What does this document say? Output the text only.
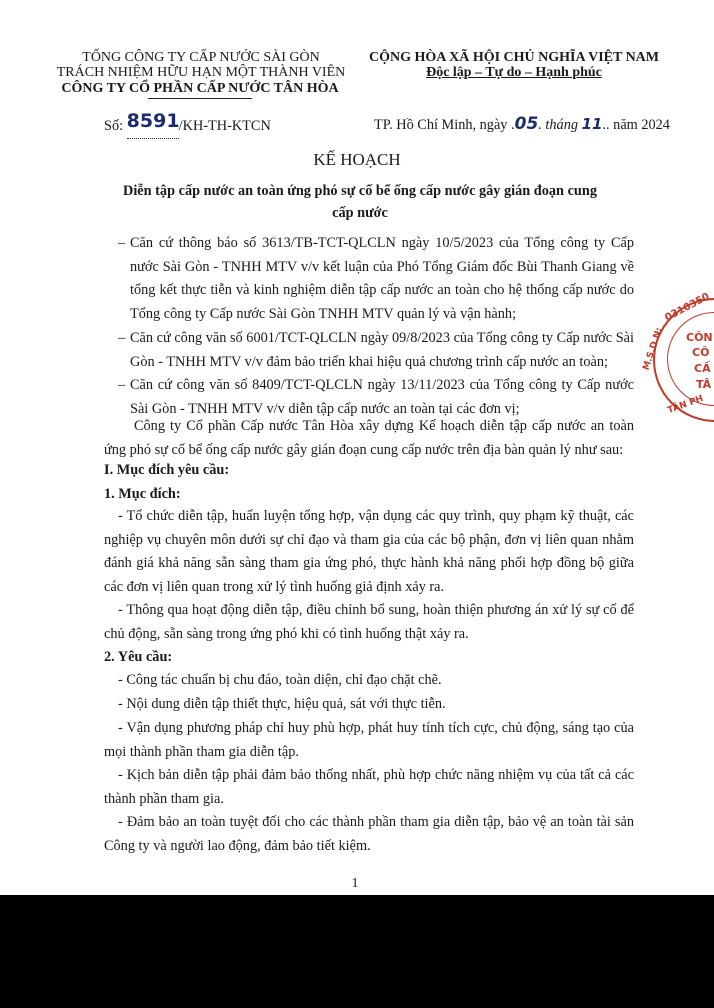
TỔNG CÔNG TY CẤP NƯỚC SÀI GÒN
TRÁCH NHIỆM HỮU HẠN MỘT THÀNH VIÊN
CÔNG TY CỔ PHẦN CẤP NƯỚC TÂN HÒA
CỘNG HÒA XÃ HỘI CHỦ NGHĨA VIỆT NAM
Độc lập – Tự do – Hạnh phúc
Số: 8591/KH-TH-KTCN	TP. Hồ Chí Minh, ngày .05. tháng 11.. năm 2024
KẾ HOẠCH
Diễn tập cấp nước an toàn ứng phó sự cố bể ống cấp nước gây gián đoạn cung
cấp nước
– Căn cứ thông báo số 3613/TB-TCT-QLCLN ngày 10/5/2023 của Tổng công ty Cấp nước Sài Gòn - TNHH MTV v/v kết luận của Phó Tổng Giám đốc Bùi Thanh Giang về tổng kết thực tiễn và kinh nghiệm diễn tập cấp nước an toàn cho hệ thống cấp nước do Tổng công ty Cấp nước Sài Gòn TNHH MTV quản lý và vận hành;
– Căn cứ công văn số 6001/TCT-QLCLN ngày 09/8/2023 của Tổng công ty Cấp nước Sài Gòn - TNHH MTV v/v đảm bảo triển khai hiệu quả chương trình cấp nước an toàn;
– Căn cứ công văn số 8409/TCT-QLCLN ngày 13/11/2023 của Tổng công ty Cấp nước Sài Gòn - TNHH MTV v/v diễn tập cấp nước an toàn tại các đơn vị;
Công ty Cổ phần Cấp nước Tân Hòa xây dựng Kế hoạch diễn tập cấp nước an toàn ứng phó sự cố bể ống cấp nước gây gián đoạn cung cấp nước trên địa bàn quản lý như sau:
I. Mục đích yêu cầu:
1. Mục đích:
- Tổ chức diễn tập, huấn luyện tổng hợp, vận dụng các quy trình, quy phạm kỹ thuật, các nghiệp vụ chuyên môn dưới sự chỉ đạo và tham gia của các bộ phận, đơn vị liên quan nhằm đánh giá khả năng sẵn sàng tham gia ứng phó, thực hành khả năng phối hợp đồng bộ giữa các đơn vị liên quan trong xử lý tình huống giả định xảy ra.
- Thông qua hoạt động diễn tập, điều chỉnh bổ sung, hoàn thiện phương án xử lý sự cố để chủ động, sẵn sàng trong ứng phó khi có tình huống thật xảy ra.
2. Yêu cầu:
- Công tác chuẩn bị chu đáo, toàn diện, chỉ đạo chặt chẽ.
- Nội dung diễn tập thiết thực, hiệu quả, sát với thực tiễn.
- Vận dụng phương pháp chỉ huy phù hợp, phát huy tính tích cực, chủ động, sáng tạo của mọi thành phần tham gia diễn tập.
- Kịch bản diễn tập phải đảm bảo thống nhất, phù hợp chức năng nhiệm vụ của tất cả các thành phần tham gia.
- Đảm bảo an toàn tuyệt đối cho các thành phần tham gia diễn tập, bảo vệ an toàn tài sản Công ty và người lao động, đảm bảo tiết kiệm.
1
0310350
M.S.D.N: CÔN
CÔ
CẤ
TÂ
TÂN PH
